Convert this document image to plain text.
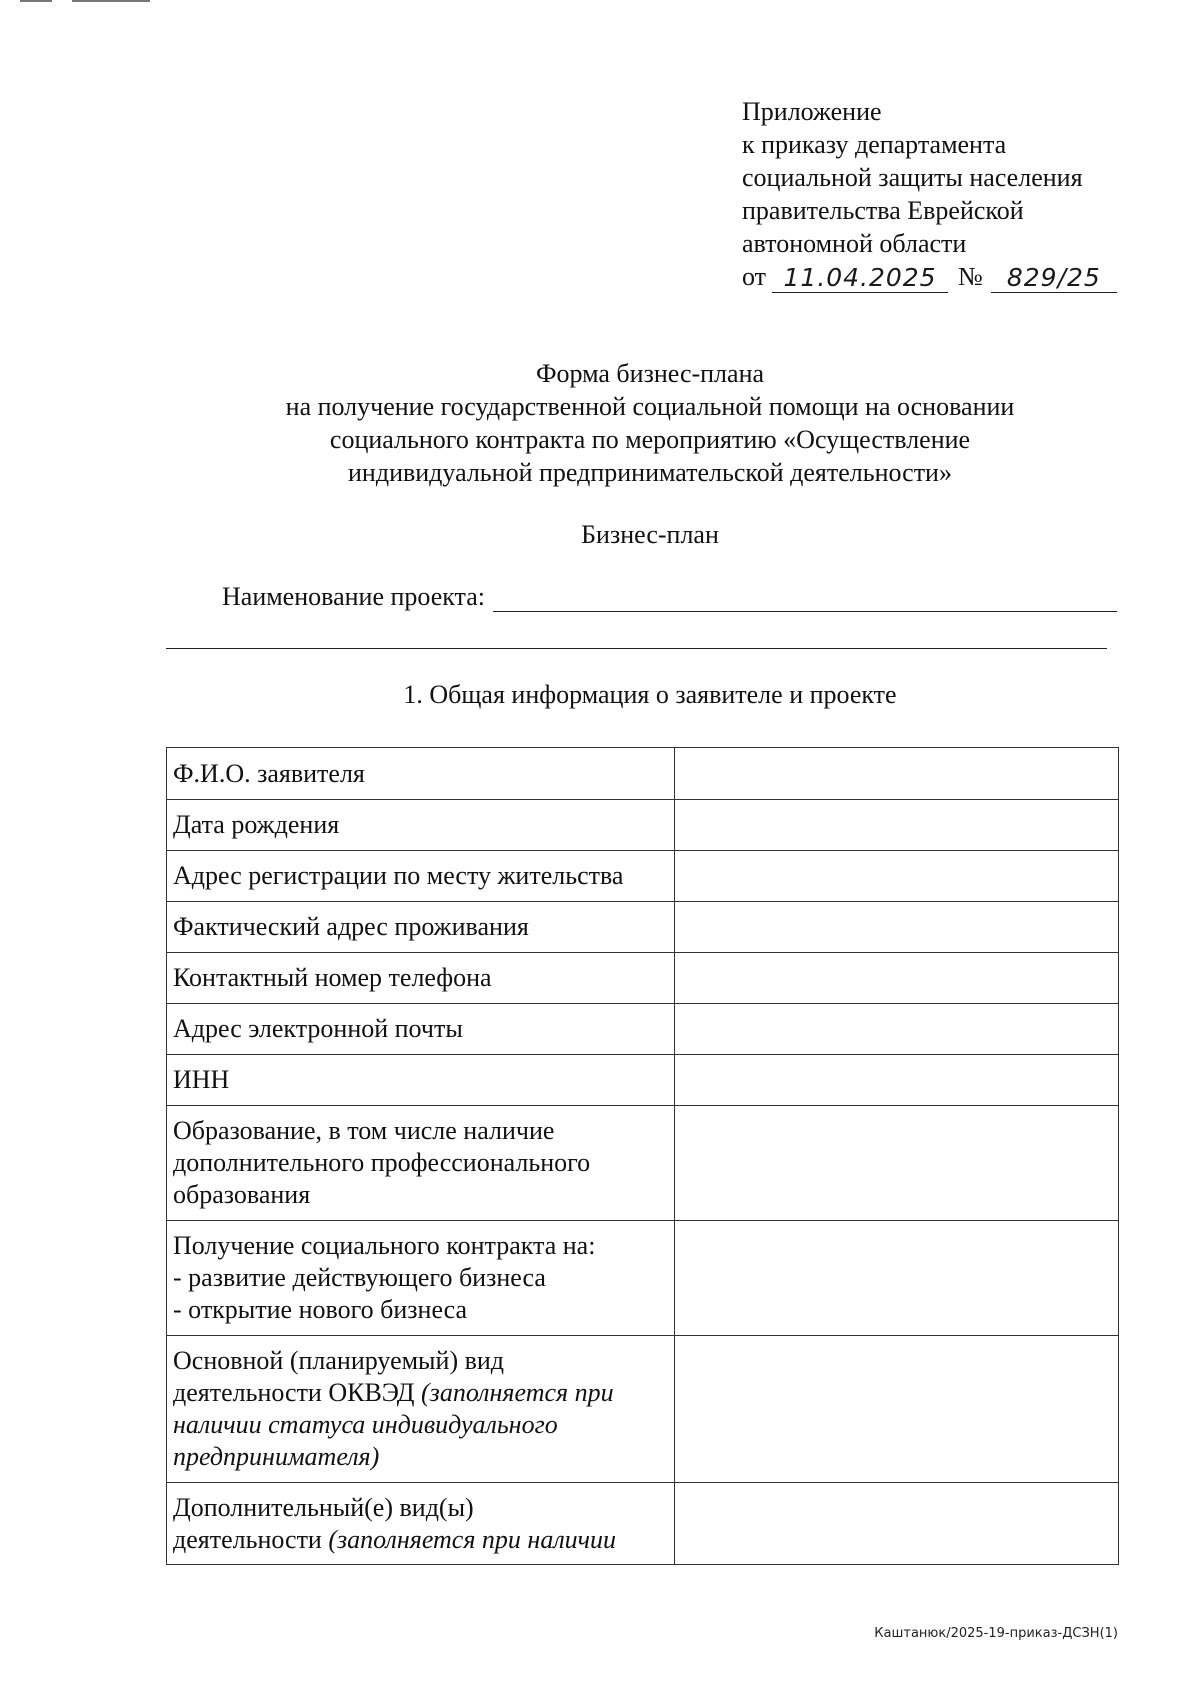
Приложение
к приказу департамента
социальной защиты населения
правительства Еврейской
автономной области
от 11.04.2025 № 829/25
Форма бизнес-плана
на получение государственной социальной помощи на основании
социального контракта по мероприятию «Осуществление
индивидуальной предпринимательской деятельности»
Бизнес-план
Наименование проекта:
1. Общая информация о заявителе и проекте
Ф.И.О. заявителя	

Дата рождения	

Адрес регистрации по месту жительства	

Фактический адрес проживания	

Контактный номер телефона	

Адрес электронной почты	

ИНН	

Образование, в том числе наличие
дополнительного профессионального
образования	

Получение социального контракта на:
- развитие действующего бизнеса
- открытие нового бизнеса	

Основной (планируемый) вид
деятельности ОКВЭД (заполняется при наличии статуса индивидуального предпринимателя)	

Дополнительный(е) вид(ы)
деятельности (заполняется при наличии	
Каштанюк/2025-19-приказ-ДСЗН(1)
